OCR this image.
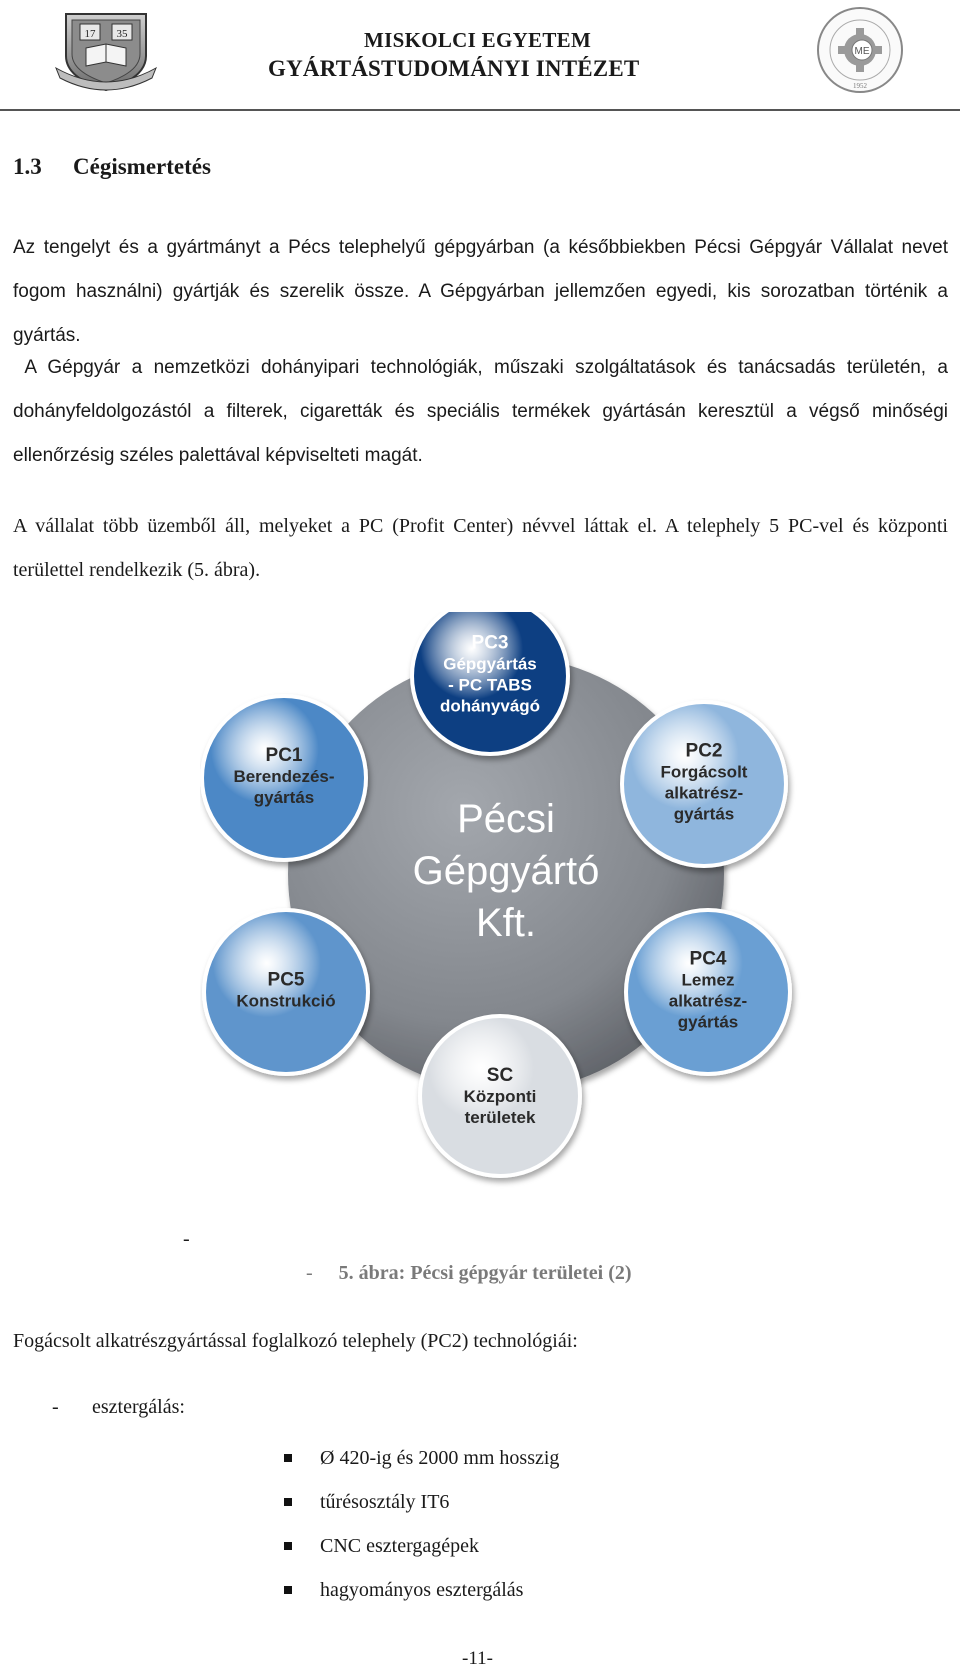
17 35	MISKOLCI EGYETEM
GYÁRTÁSTUDOMÁNYI INTÉZET
ME
1952
1.3 Cégismertetés
Az tengelyt és a gyártmányt a Pécs telephelyű gépgyárban (a későbbiekben Pécsi Gépgyár Vállalat nevet fogom használni) gyártják és szerelik össze. A Gépgyárban jellemzően egyedi, kis sorozatban történik a gyártás.
A Gépgyár a nemzetközi dohányipari technológiák, műszaki szolgáltatások és tanácsadás területén, a dohányfeldolgozástól a filterek, cigaretták és speciális termékek gyártásán keresztül a végső minőségi ellenőrzésig széles palettával képviselteti magát.
A vállalat több üzemből áll, melyeket a PC (Profit Center) névvel láttak el. A telephely 5 PC-vel és központi területtel rendelkezik (5. ábra).
Pécsi
Gépgyártó
Kft.
PC3
Gépgyártás
- PC TABS
dohányvágó
PC2
Forgácsolt
alkatrész-
gyártás
PC4
Lemez
alkatrész-
gyártás
SC
Központi
területek
PC5
Konstrukció
PC1
Berendezés-
gyártás
-
- 5. ábra: Pécsi gépgyár területei (2)
Fogácsolt alkatrészgyártással foglalkozó telephely (PC2) technológiái:
- esztergálás:
Ø 420-ig és 2000 mm hosszig
tűrésosztály IT6
CNC esztergagépek
hagyományos esztergálás
-11-
